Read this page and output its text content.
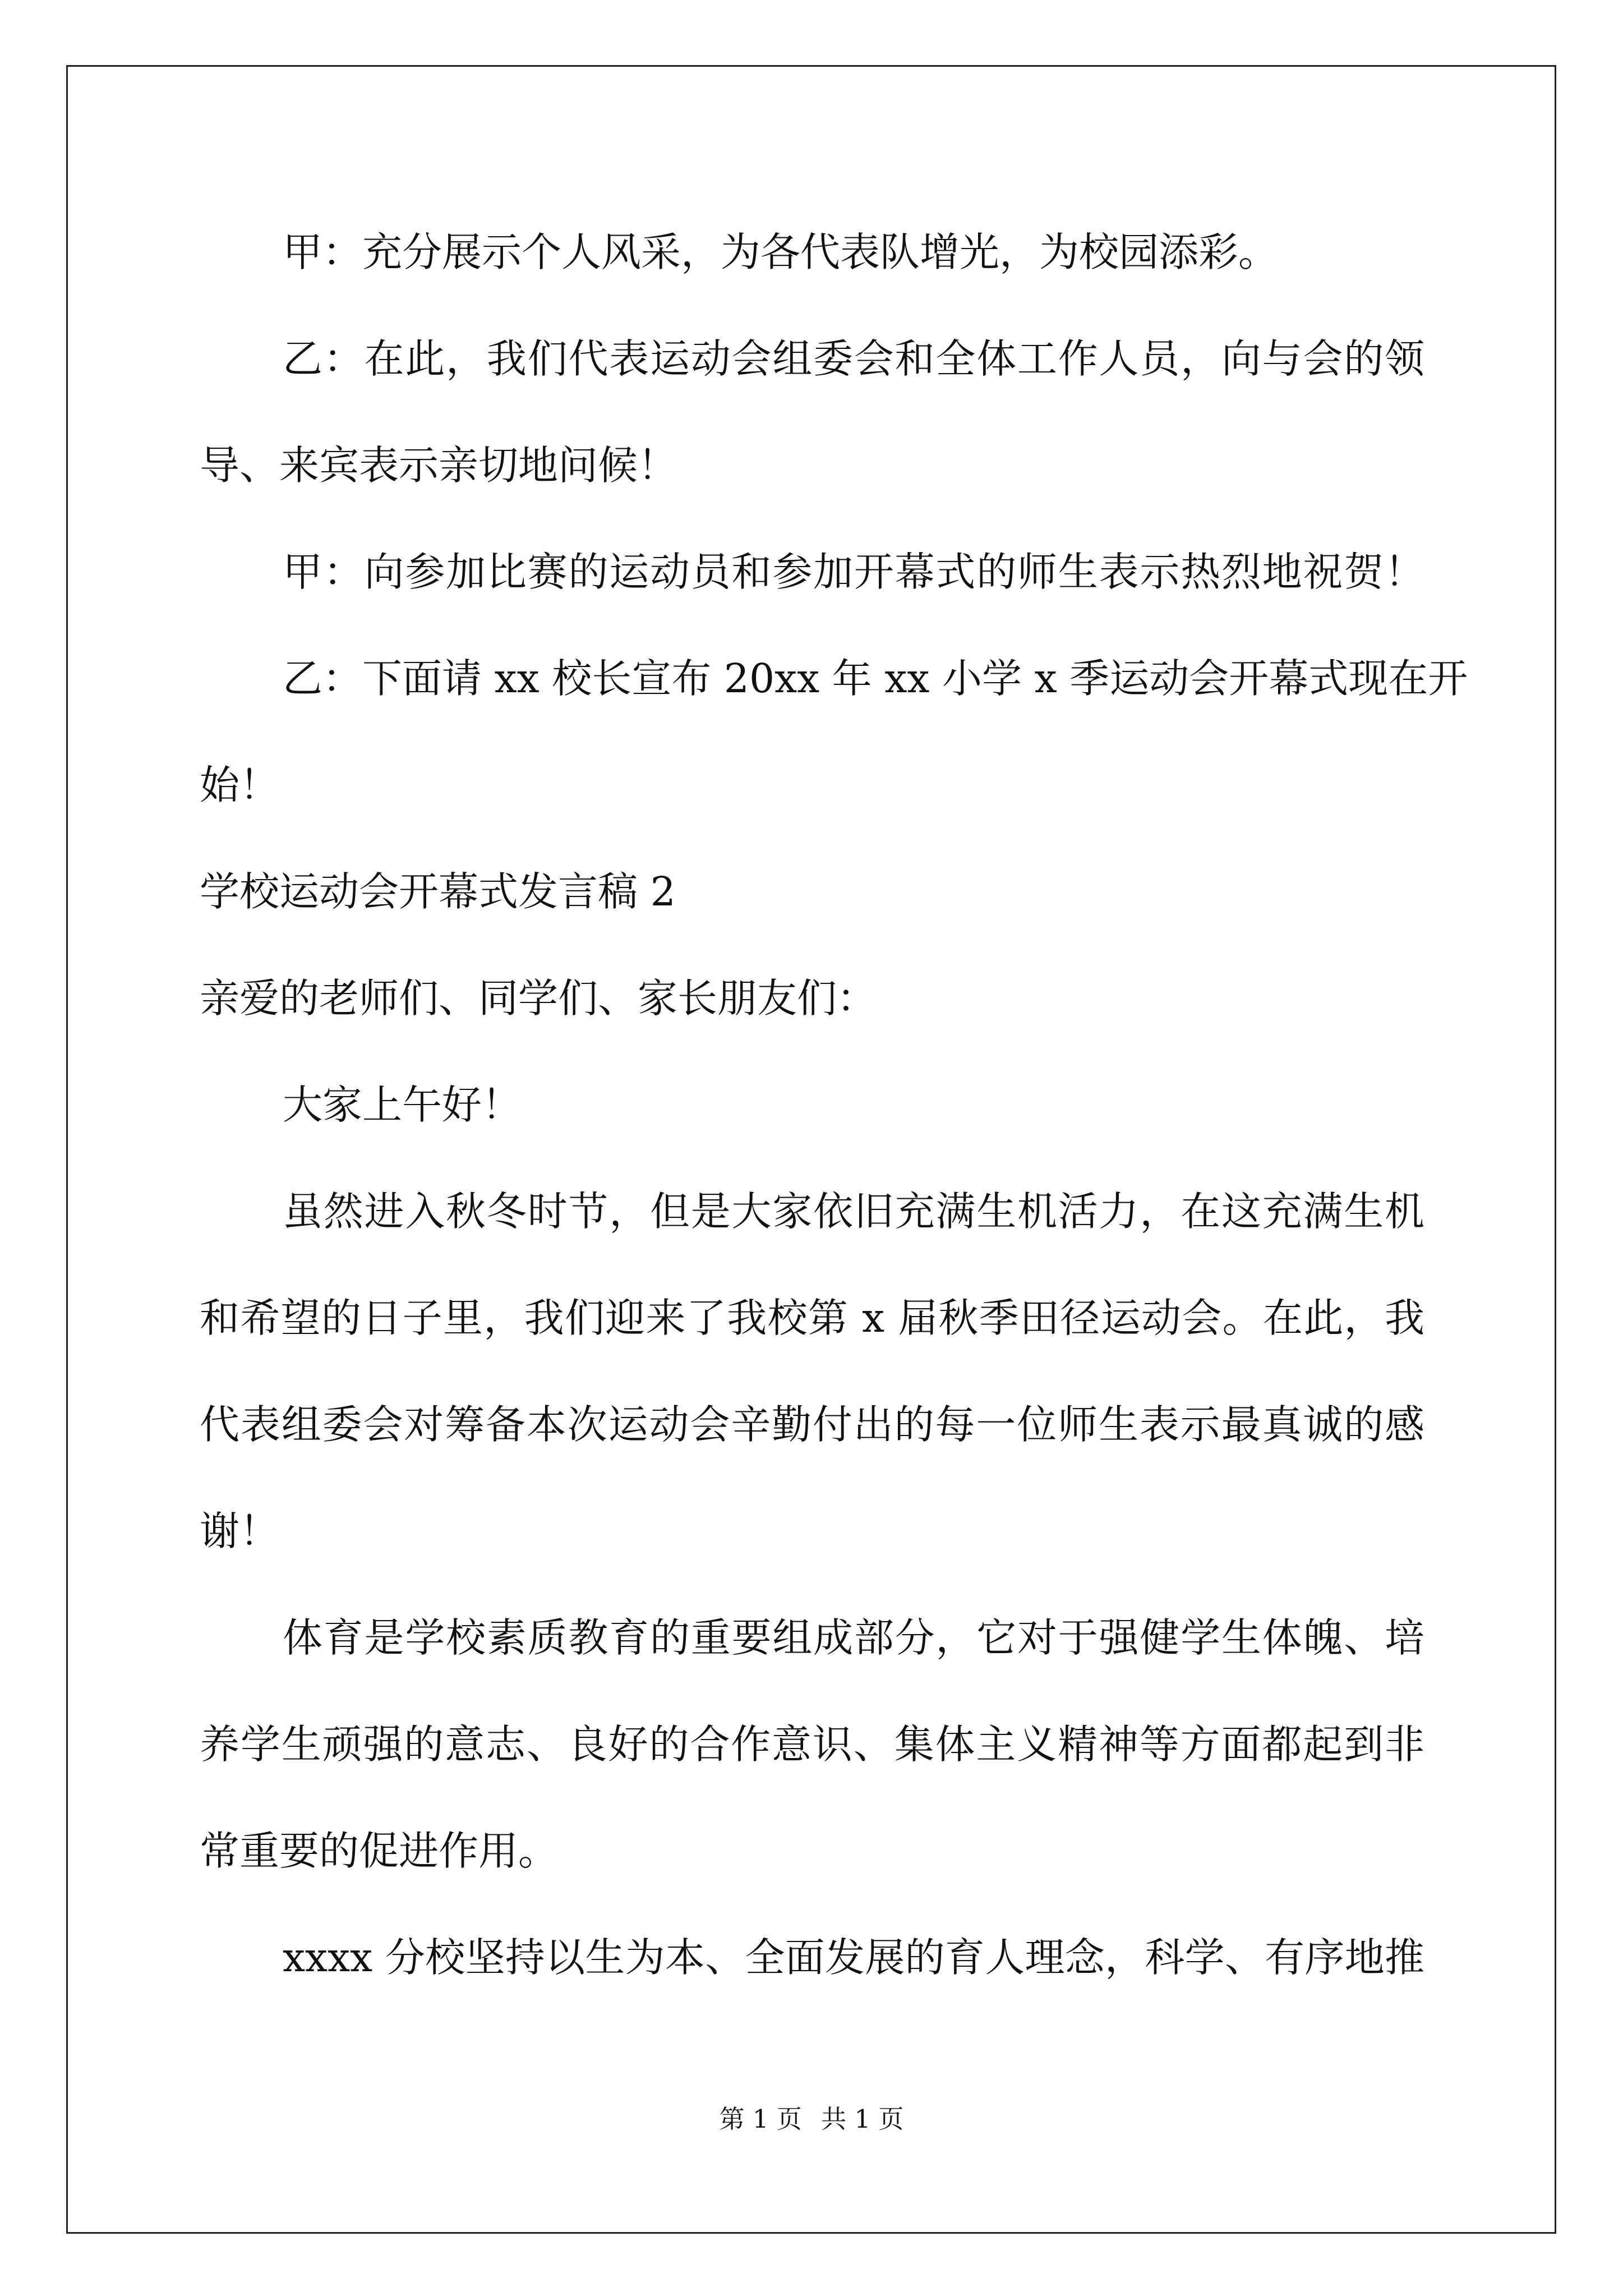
甲：充分展示个人风采，为各代表队增光，为校园添彩。
乙：在此，我们代表运动会组委会和全体工作人员，向与会的领
导、来宾表示亲切地问候！
甲：向参加比赛的运动员和参加开幕式的师生表示热烈地祝贺！
乙：下面请 xx 校长宣布 20xx 年 xx 小学 x 季运动会开幕式现在开
始！
学校运动会开幕式发言稿 2
亲爱的老师们、同学们、家长朋友们：
大家上午好！
虽然进入秋冬时节，但是大家依旧充满生机活力，在这充满生机
和希望的日子里，我们迎来了我校第 x 届秋季田径运动会。在此，我
代表组委会对筹备本次运动会辛勤付出的每一位师生表示最真诚的感
谢！
体育是学校素质教育的重要组成部分，它对于强健学生体魄、培
养学生顽强的意志、良好的合作意识、集体主义精神等方面都起到非
常重要的促进作用。
xxxx 分校坚持以生为本、全面发展的育人理念，科学、有序地推
第 1 页 共 1 页
